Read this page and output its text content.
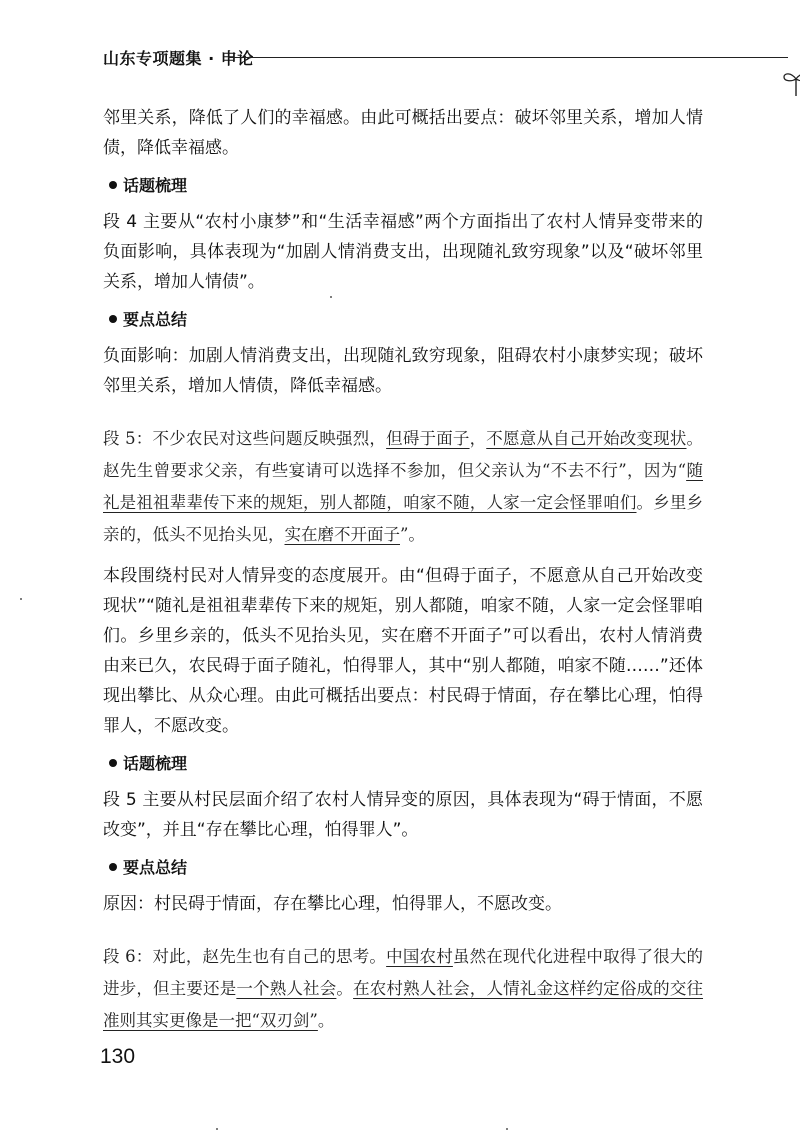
山东专项题集 · 申论

邻里关系，降低了人们的幸福感。由此可概括出要点：破坏邻里关系，增加人情债，降低幸福感。

话题梳理

段 4 主要从“农村小康梦”和“生活幸福感”两个方面指出了农村人情异变带来的负面影响，具体表现为“加剧人情消费支出，出现随礼致穷现象”以及“破坏邻里关系，增加人情债”。

要点总结

负面影响：加剧人情消费支出，出现随礼致穷现象，阻碍农村小康梦实现；破坏邻里关系，增加人情债，降低幸福感。

段 5：不少农民对这些问题反映强烈，但碍于面子，不愿意从自己开始改变现状。赵先生曾要求父亲，有些宴请可以选择不参加，但父亲认为“不去不行”，因为“随礼是祖祖辈辈传下来的规矩，别人都随，咱家不随，人家一定会怪罪咱们。乡里乡亲的，低头不见抬头见，实在磨不开面子”。

本段围绕村民对人情异变的态度展开。由“但碍于面子，不愿意从自己开始改变现状”“随礼是祖祖辈辈传下来的规矩，别人都随，咱家不随，人家一定会怪罪咱们。乡里乡亲的，低头不见抬头见，实在磨不开面子”可以看出，农村人情消费由来已久，农民碍于面子随礼，怕得罪人，其中“别人都随，咱家不随……”还体现出攀比、从众心理。由此可概括出要点：村民碍于情面，存在攀比心理，怕得罪人，不愿改变。

话题梳理

段 5 主要从村民层面介绍了农村人情异变的原因，具体表现为“碍于情面，不愿改变”，并且“存在攀比心理，怕得罪人”。

要点总结

原因：村民碍于情面，存在攀比心理，怕得罪人，不愿改变。

段 6：对此，赵先生也有自己的思考。中国农村虽然在现代化进程中取得了很大的进步，但主要还是一个熟人社会。在农村熟人社会，人情礼金这样约定俗成的交往准则其实更像是一把“双刃剑”。

130
